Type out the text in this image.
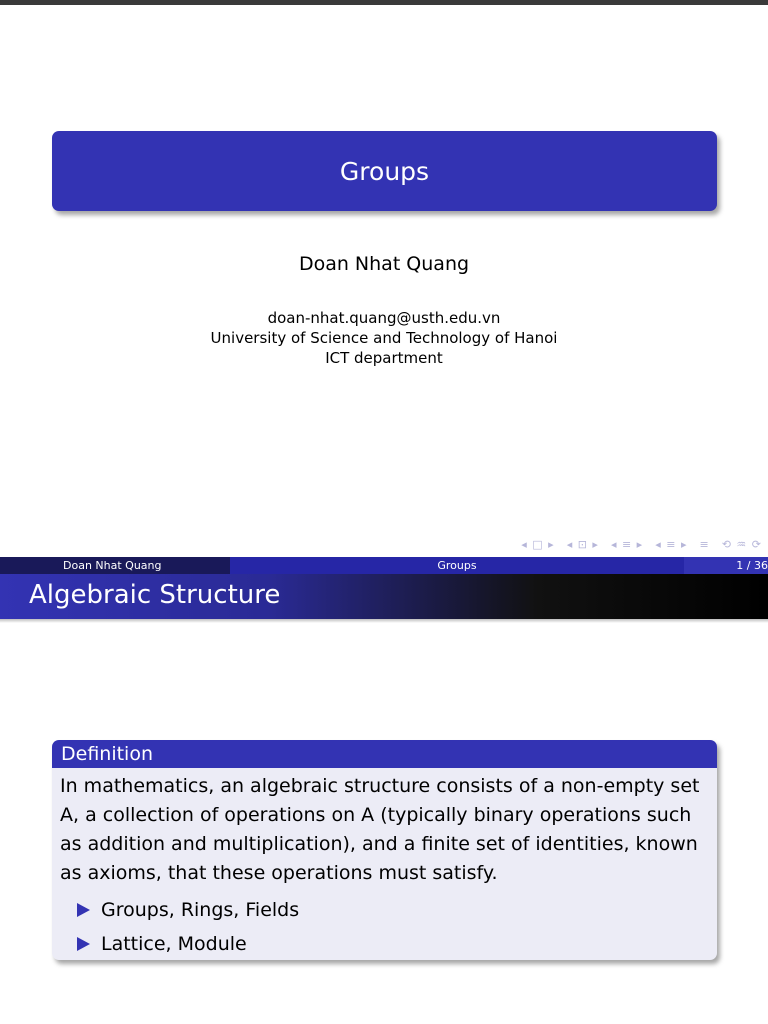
Groups
Doan Nhat Quang
doan-nhat.quang@usth.edu.vn
University of Science and Technology of Hanoi
ICT department
◂ □ ▸ ◂ ⊡ ▸ ◂ ≡ ▸ ◂ ≡ ▸ ≡ ⟲ ♒ ⟳
Doan Nhat Quang	Groups	1 / 36
Algebraic Structure
Definition

In mathematics, an algebraic structure consists of a non-empty set A, a collection of operations on A (typically binary operations such as addition and multiplication), and a finite set of identities, known as axioms, that these operations must satisfy.

Groups, Rings, Fields
Lattice, Module
